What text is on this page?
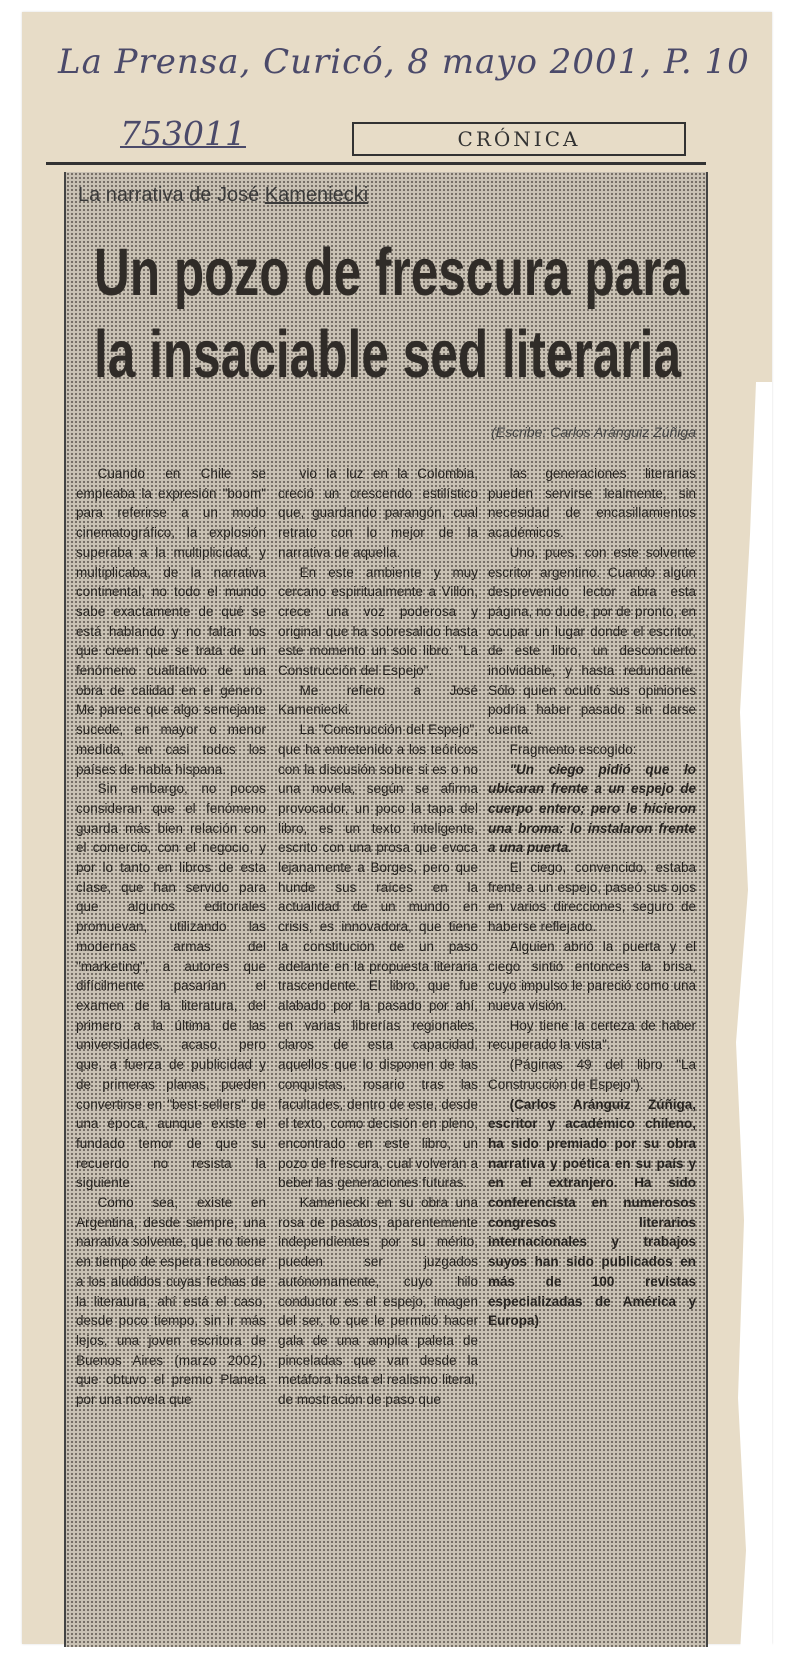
La Prensa, Curicó, 8 mayo 2001, P. 10
753011	CRÓNICA
La narrativa de José Kameniecki
Un pozo de frescura para
la insaciable sed literaria
(Escribe: Carlos Aránguiz Zúñiga

Cuando en Chile se empleaba la expresión "boom" para referirse a un modo cinematográfico, la explosión superaba a la multiplicidad, y multiplicaba, de la narrativa continental; no todo el mundo sabe exactamente de qué se está hablando y no faltan los que creen que se trata de un fenómeno cualitativo de una obra de calidad en el género. Me parece que algo semejante sucede, en mayor o menor medida, en casi todos los países de habla hispana.

Sin embargo, no pocos consideran que el fenómeno guarda más bien relación con el comercio, con el negocio, y por lo tanto en libros de esta clase, que han servido para que algunos editoriales promuevan, utilizando las modernas armas del "marketing", a autores que difícilmente pasarían el examen de la literatura, del primero a la última de las universidades, acaso, pero que, a fuerza de publicidad y de primeras planas, pueden convertirse en "best-sellers" de una época, aunque existe el fundado temor de que su recuerdo no resista la siguiente.

Como sea, existe en Argentina, desde siempre, una narrativa solvente, que no tiene en tiempo de espera reconocer a los aludidos cuyas fechas de la literatura, ahí está el caso, desde poco tiempo, sin ir más lejos, una joven escritora de Buenos Aires (marzo 2002), que obtuvo el premio Planeta por una novela que

vio la luz en la Colombia, creció un crescendo estilístico que, guardando parangón, cual retrato con lo mejor de la narrativa de aquella.

En este ambiente y muy cercano espiritualmente a Villón, crece una voz poderosa y original que ha sobresalido hasta este momento un solo libro: "La Construcción del Espejo".

Me refiero a José Kameniecki.

La "Construcción del Espejo", que ha entretenido a los teóricos con la discusión sobre si es o no una novela, según se afirma provocador, un poco la tapa del libro, es un texto inteligente, escrito con una prosa que evoca lejanamente a Borges, pero que hunde sus raíces en la actualidad de un mundo en crisis, es innovadora, que tiene la constitución de un paso adelante en la propuesta literaria trascendente. El libro, que fue alabado por la pasado por ahí, en varias librerías regionales, claros de esta capacidad, aquellos que lo disponen de las conquistas, rosario tras las facultades, dentro de este, desde el texto, como decisión en pleno, encontrado en este libro, un pozo de frescura, cual volverán a beber las generaciones futuras.

Kameniecki en su obra una rosa de pasatos, aparentemente independientes por su mérito, pueden ser juzgados autónomamente, cuyo hilo conductor es el espejo, imagen del ser, lo que le permitió hacer gala de una amplia paleta de pinceladas que van desde la metáfora hasta el realismo literal, de mostración de paso que

las generaciones literarias pueden servirse lealmente, sin necesidad de encasillamientos académicos.

Uno, pues, con este solvente escritor argentino. Cuando algún desprevenido lector abra esta página, no dude, por de pronto, en ocupar un lugar donde el escritor, de este libro, un desconcierto inolvidable, y hasta redundante. Sólo quien ocultó sus opiniones podría haber pasado sin darse cuenta.

Fragmento escogido:

"Un ciego pidió que lo ubicaran frente a un espejo de cuerpo entero; pero le hicieron una broma: lo instalaron frente a una puerta.

El ciego, convencido, estaba frente a un espejo, paseó sus ojos en varios direcciones, seguro de haberse reflejado.

Alguien abrió la puerta y el ciego sintió entonces la brisa, cuyo impulso le pareció como una nueva visión.

Hoy tiene la certeza de haber recuperado la vista".

(Páginas 49 del libro "La Construcción de Espejo").

(Carlos Aránguiz Zúñiga, escritor y académico chileno, ha sido premiado por su obra narrativa y poética en su país y en el extranjero. Ha sido conferencista en numerosos congresos literarios internacionales y trabajos suyos han sido publicados en más de 100 revistas especializadas de América y Europa)
